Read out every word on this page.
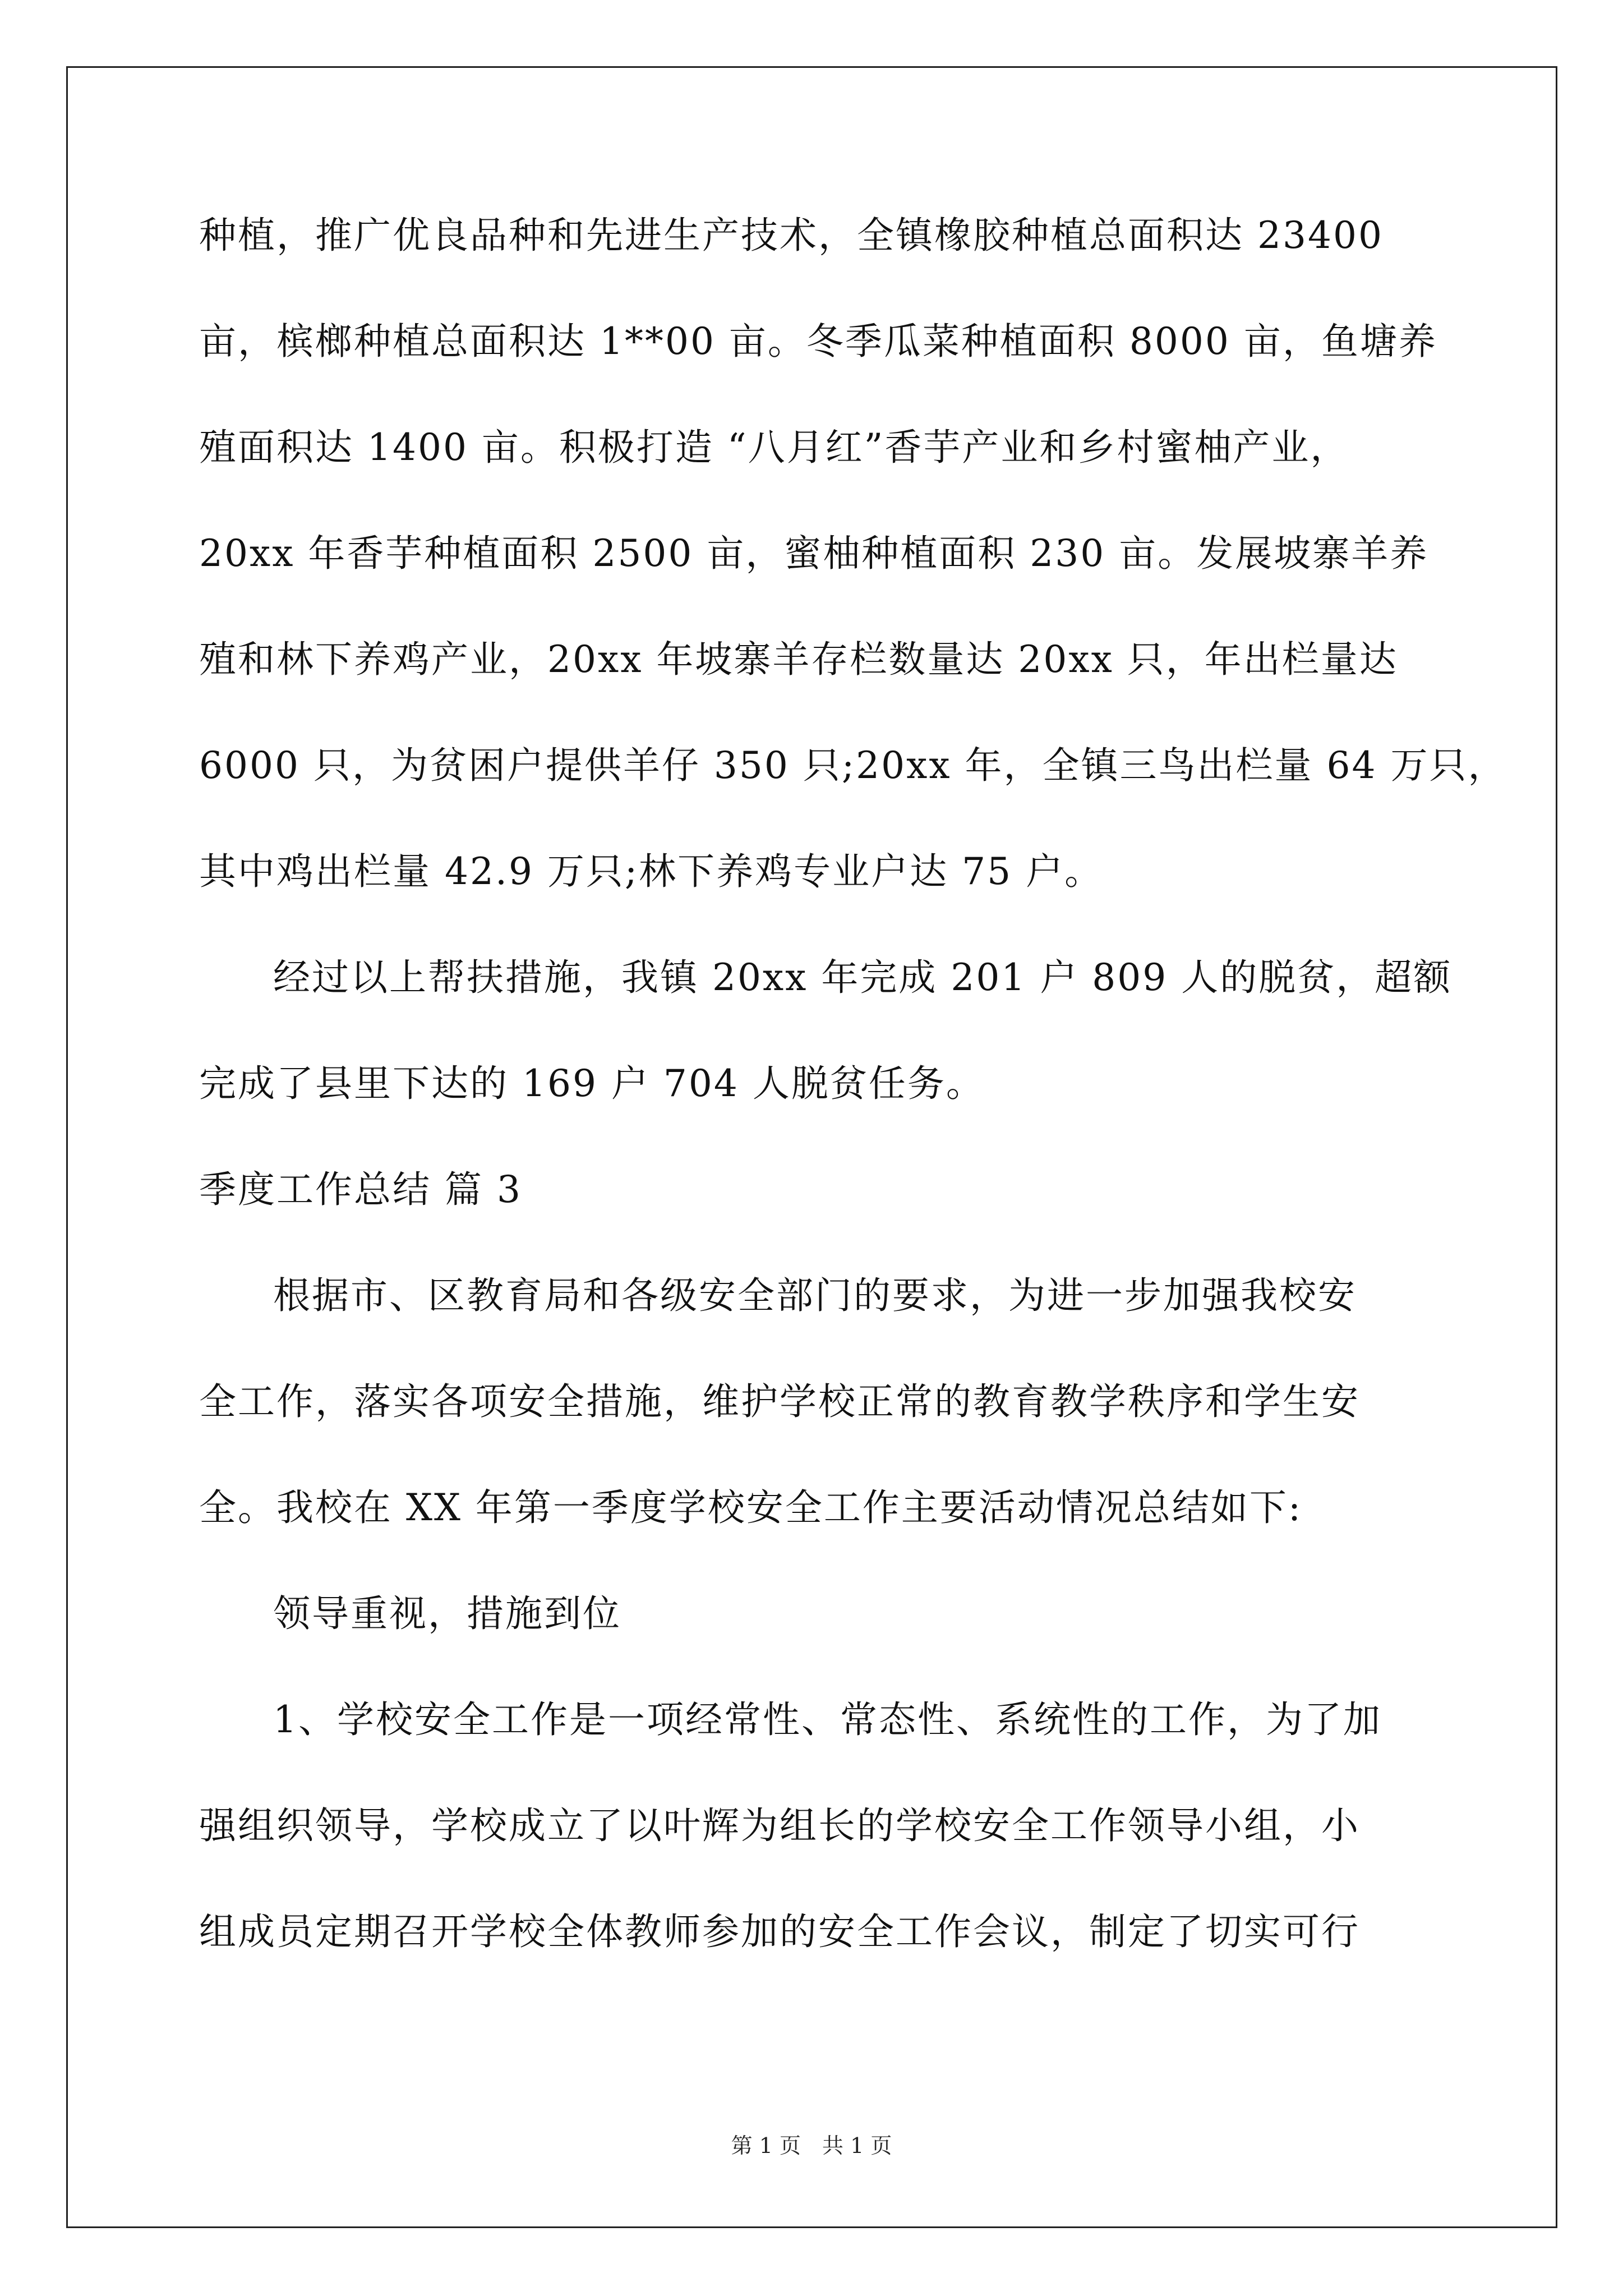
种植，推广优良品种和先进生产技术，全镇橡胶种植总面积达 23400
亩，槟榔种植总面积达 1**00 亩。冬季瓜菜种植面积 8000 亩，鱼塘养
殖面积达 1400 亩。积极打造 “八月红”香芋产业和乡村蜜柚产业，
20xx 年香芋种植面积 2500 亩，蜜柚种植面积 230 亩。发展坡寨羊养
殖和林下养鸡产业，20xx 年坡寨羊存栏数量达 20xx 只，年出栏量达
6000 只，为贫困户提供羊仔 350 只;20xx 年，全镇三鸟出栏量 64 万只，
其中鸡出栏量 42.9 万只;林下养鸡专业户达 75 户。
经过以上帮扶措施，我镇 20xx 年完成 201 户 809 人的脱贫，超额
完成了县里下达的 169 户 704 人脱贫任务。
季度工作总结 篇 3
根据市、区教育局和各级安全部门的要求，为进一步加强我校安
全工作，落实各项安全措施，维护学校正常的教育教学秩序和学生安
全。我校在 XX 年第一季度学校安全工作主要活动情况总结如下:
领导重视，措施到位
1、学校安全工作是一项经常性、常态性、系统性的工作，为了加
强组织领导，学校成立了以叶辉为组长的学校安全工作领导小组，小
组成员定期召开学校全体教师参加的安全工作会议，制定了切实可行
第 1 页　共 1 页
